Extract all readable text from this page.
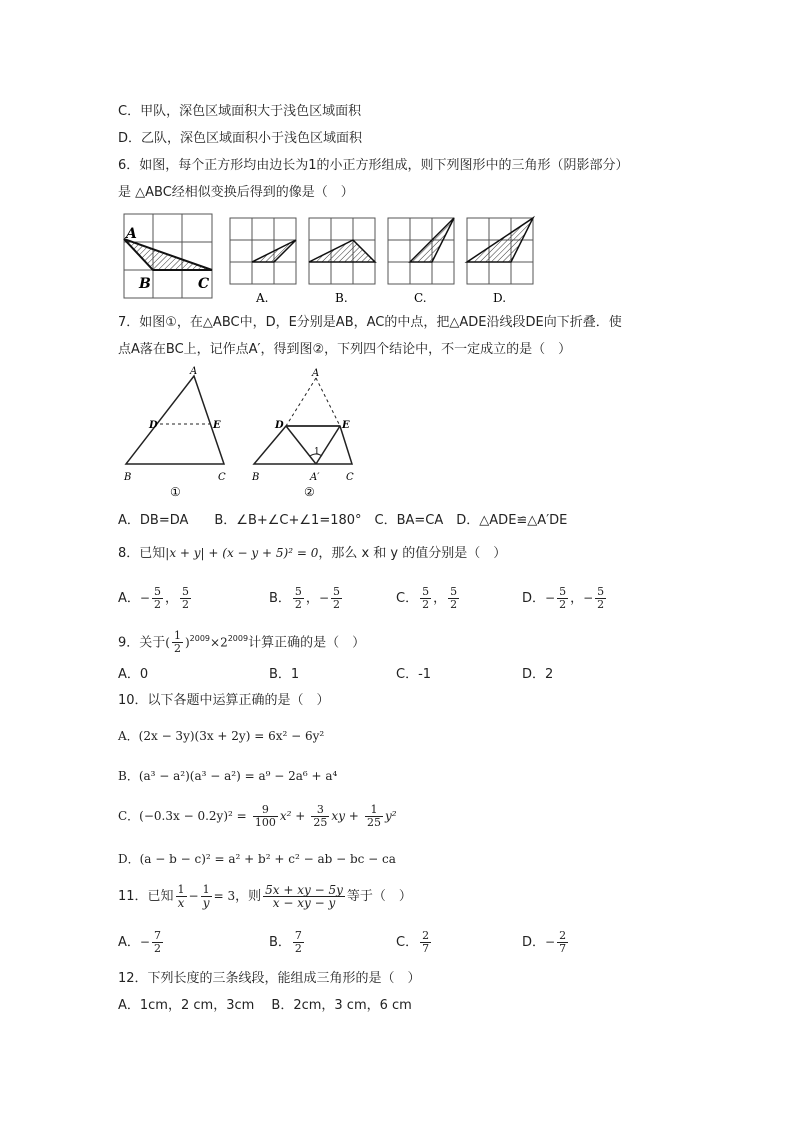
C．甲队，深色区域面积大于浅色区域面积
D．乙队，深色区域面积小于浅色区域面积
6．如图，每个正方形均由边长为1的小正方形组成，则下列图形中的三角形（阴影部分）
是 △ABC经相似变换后得到的像是（　）
A
B	C
A.	B.	C.	D.
7．如图①，在△ABC中，D，E分别是AB，AC的中点，把△ADE沿线段DE向下折叠．使
点A落在BC上，记作点A′，得到图②，下列四个结论中，不一定成立的是（　）
A
D	E
B	C
①
A
D	E
1
B	A′	C
②
A．DB=DA　　B．∠B+∠C+∠1=180°　C．BA=CA　D．△ADE≌△A′DE
8．已知|x + y| + (x − y + 5)² = 0，那么 x 和 y 的值分别是（　）
A．− $\frac{5}{2}$ ， $\frac{5}{2}$	B． $\frac{5}{2}$ ，− $\frac{5}{2}$	C． $\frac{5}{2}$ ， $\frac{5}{2}$	D．− $\frac{5}{2}$ ，− $\frac{5}{2}$
9．关于( $\frac{1}{2} )^{2009}\times 2^{2009}$计算正确的是（　）
A．0	B．1	C．-1	D．2
10．以下各题中运算正确的是（　）
A．(2x − 3y)(3x + 2y) = 6x² − 6y²
B．(a³ − a²)(a³ − a²) = a⁹ − 2a⁶ + a⁴
C．$(-0.3x - 0.2y)^2 = \frac{9}{100} x^2 + \frac{3}{25}$ xy + $\frac{1}{25} y^2$
D．(a − b − c)² = a² + b² + c² − ab − bc − ca
11．已知 $\frac{1}{x} - \frac{1}{y} = 3$，则 $\frac{5x + xy - 5y}{x - xy - y}$ 等于（　）
A．− $\frac{7}{2}$	B． $\frac{7}{2}$	C． $\frac{2}{7}$	D．− $\frac{2}{7}$
12．下列长度的三条线段，能组成三角形的是（　）
A．1cm，2 cm，3cm　 B．2cm，3 cm，6 cm
